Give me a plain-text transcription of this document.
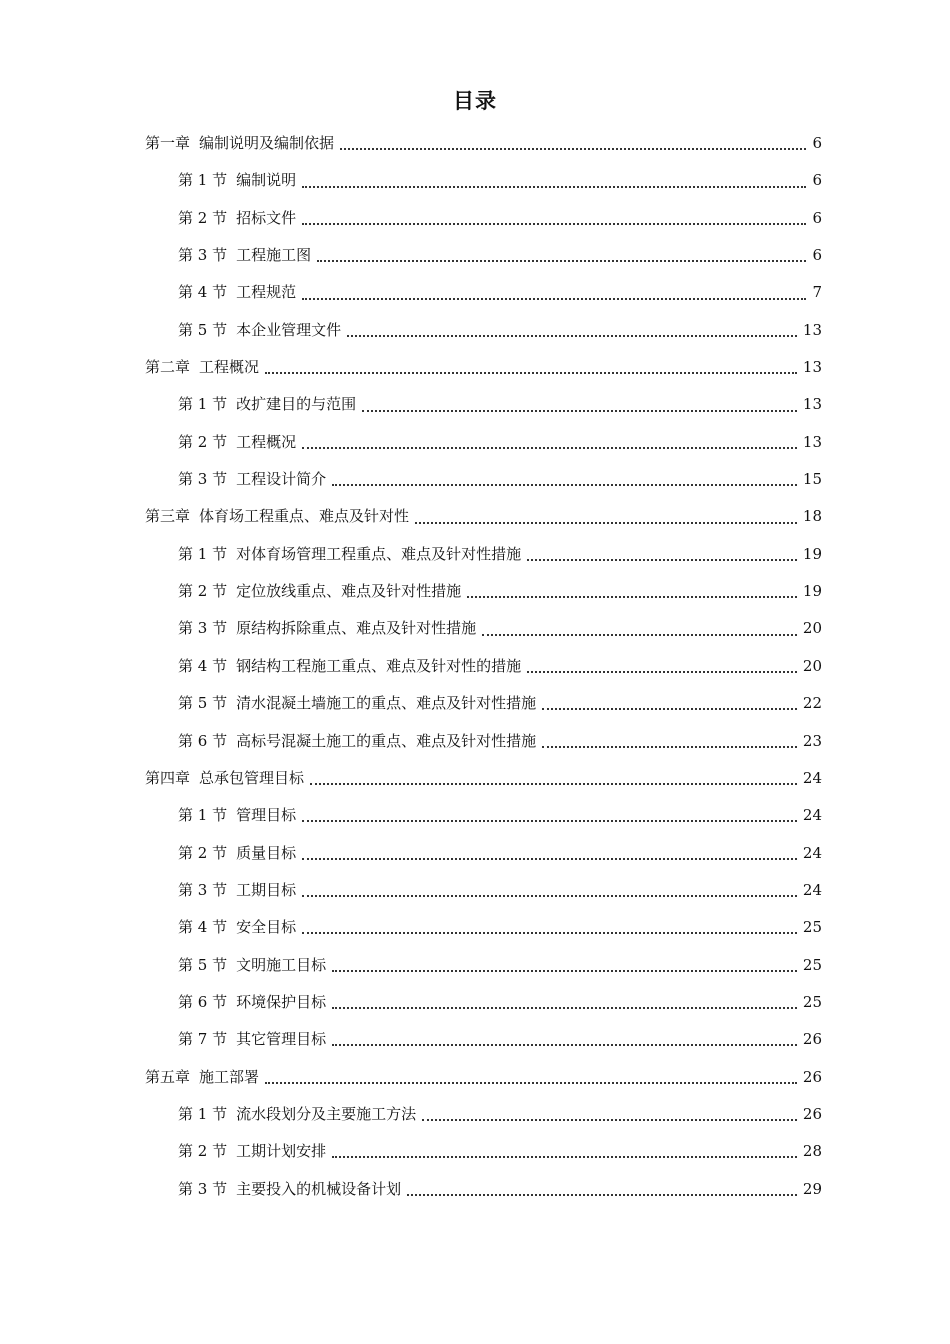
目录
第一章 编制说明及编制依据	6
第 1 节 编制说明	6
第 2 节 招标文件	6
第 3 节 工程施工图	6
第 4 节 工程规范	7
第 5 节 本企业管理文件	13
第二章 工程概况	13
第 1 节 改扩建目的与范围	13
第 2 节 工程概况	13
第 3 节 工程设计简介	15
第三章 体育场工程重点、难点及针对性	18
第 1 节 对体育场管理工程重点、难点及针对性措施	19
第 2 节 定位放线重点、难点及针对性措施	19
第 3 节 原结构拆除重点、难点及针对性措施	20
第 4 节 钢结构工程施工重点、难点及针对性的措施	20
第 5 节 清水混凝土墙施工的重点、难点及针对性措施	22
第 6 节 高标号混凝土施工的重点、难点及针对性措施	23
第四章 总承包管理目标	24
第 1 节 管理目标	24
第 2 节 质量目标	24
第 3 节 工期目标	24
第 4 节 安全目标	25
第 5 节 文明施工目标	25
第 6 节 环境保护目标	25
第 7 节 其它管理目标	26
第五章 施工部署	26
第 1 节 流水段划分及主要施工方法	26
第 2 节 工期计划安排	28
第 3 节 主要投入的机械设备计划	29
